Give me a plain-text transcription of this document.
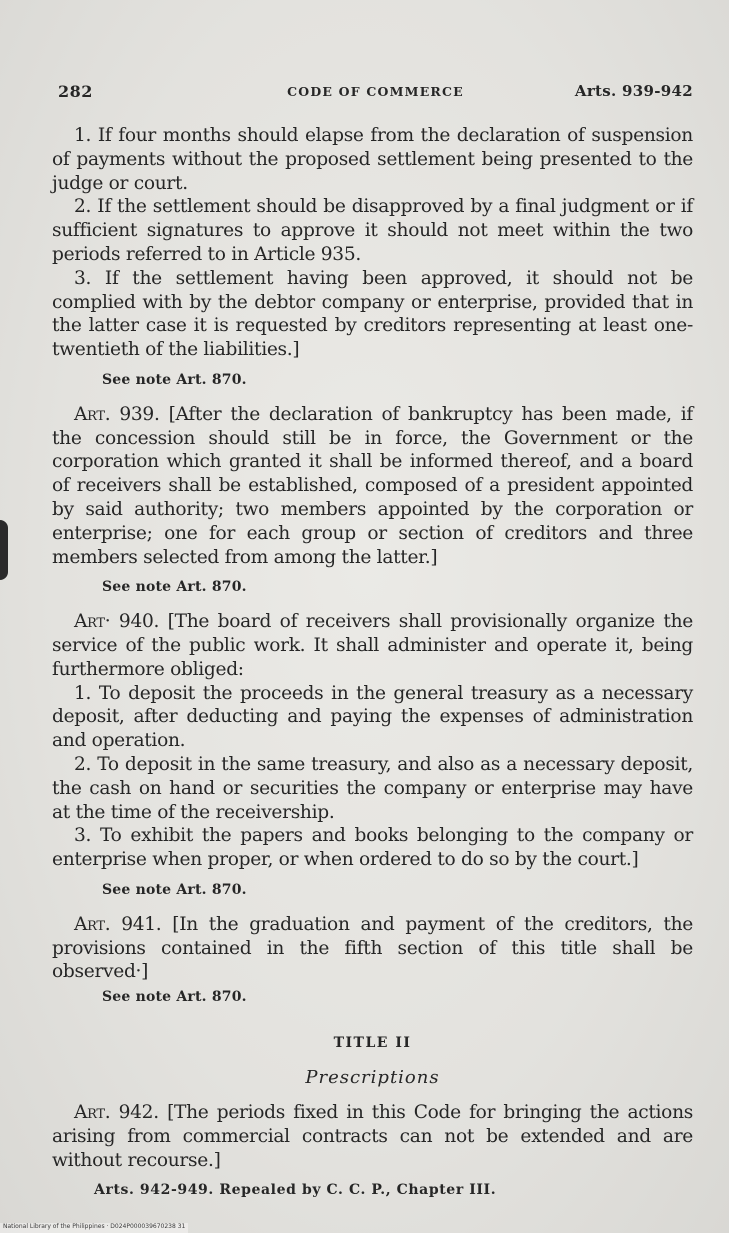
282	CODE OF COMMERCE	Arts. 939-942

1. If four months should elapse from the declaration of suspension of payments without the proposed settlement being presented to the judge or court.

2. If the settlement should be disapproved by a final judgment or if sufficient signatures to approve it should not meet within the two periods referred to in Article 935.

3. If the settlement having been approved, it should not be complied with by the debtor company or enterprise, provided that in the latter case it is requested by creditors representing at least one-twentieth of the liabilities.]

See note Art. 870.

Art. 939. [After the declaration of bankruptcy has been made, if the concession should still be in force, the Government or the corporation which granted it shall be informed thereof, and a board of receivers shall be established, composed of a president appointed by said authority; two members appointed by the corporation or enterprise; one for each group or section of creditors and three members selected from among the latter.]

See note Art. 870.

Art· 940. [The board of receivers shall provisionally organize the service of the public work. It shall administer and operate it, being furthermore obliged:

1. To deposit the proceeds in the general treasury as a necessary deposit, after deducting and paying the expenses of administration and operation.

2. To deposit in the same treasury, and also as a necessary deposit, the cash on hand or securities the company or enterprise may have at the time of the receivership.

3. To exhibit the papers and books belonging to the company or enterprise when proper, or when ordered to do so by the court.]

See note Art. 870.

Art. 941. [In the graduation and payment of the creditors, the provisions contained in the fifth section of this title shall be observed·]

See note Art. 870.

TITLE II

Prescriptions

Art. 942. [The periods fixed in this Code for bringing the actions arising from commercial contracts can not be extended and are without recourse.]

Arts. 942-949. Repealed by C. C. P., Chapter III.

National Library of the Philippines · D024P000039670238 31
